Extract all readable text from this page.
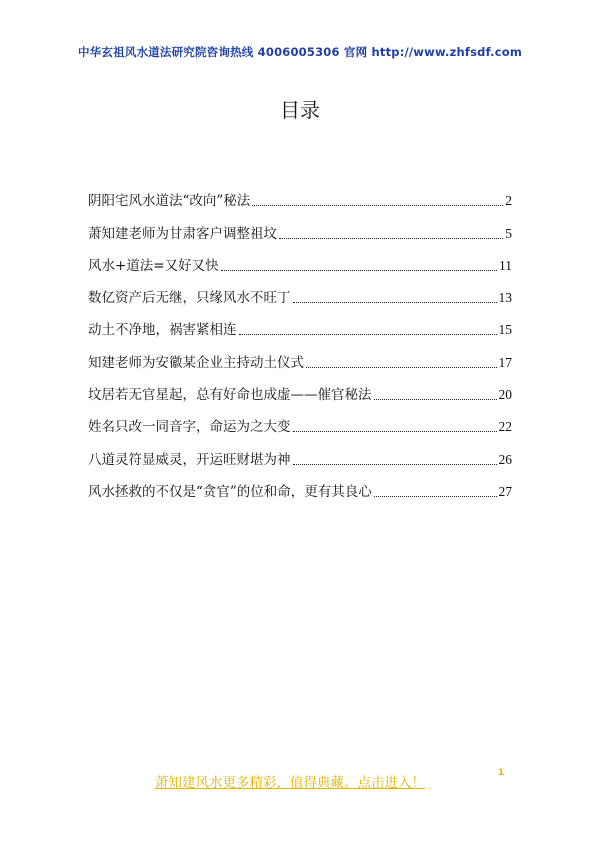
中华玄祖风水道法研究院咨询热线 4006005306 官网 http://www.zhfsdf.com
目录
阴阳宅风水道法“改向”秘法	2
萧知建老师为甘肃客户调整祖坟	5
风水+道法=又好又快	11
数亿资产后无继，只缘风水不旺丁	13
动土不净地，祸害紧相连	15
知建老师为安徽某企业主持动土仪式	17
坟居若无官星起，总有好命也成虚——催官秘法	20
姓名只改一同音字，命运为之大变	22
八道灵符显威灵，开运旺财堪为神	26
风水拯救的不仅是“贪官”的位和命，更有其良心	27
萧知建风水更多精彩，值得典藏。点击进入！
1
